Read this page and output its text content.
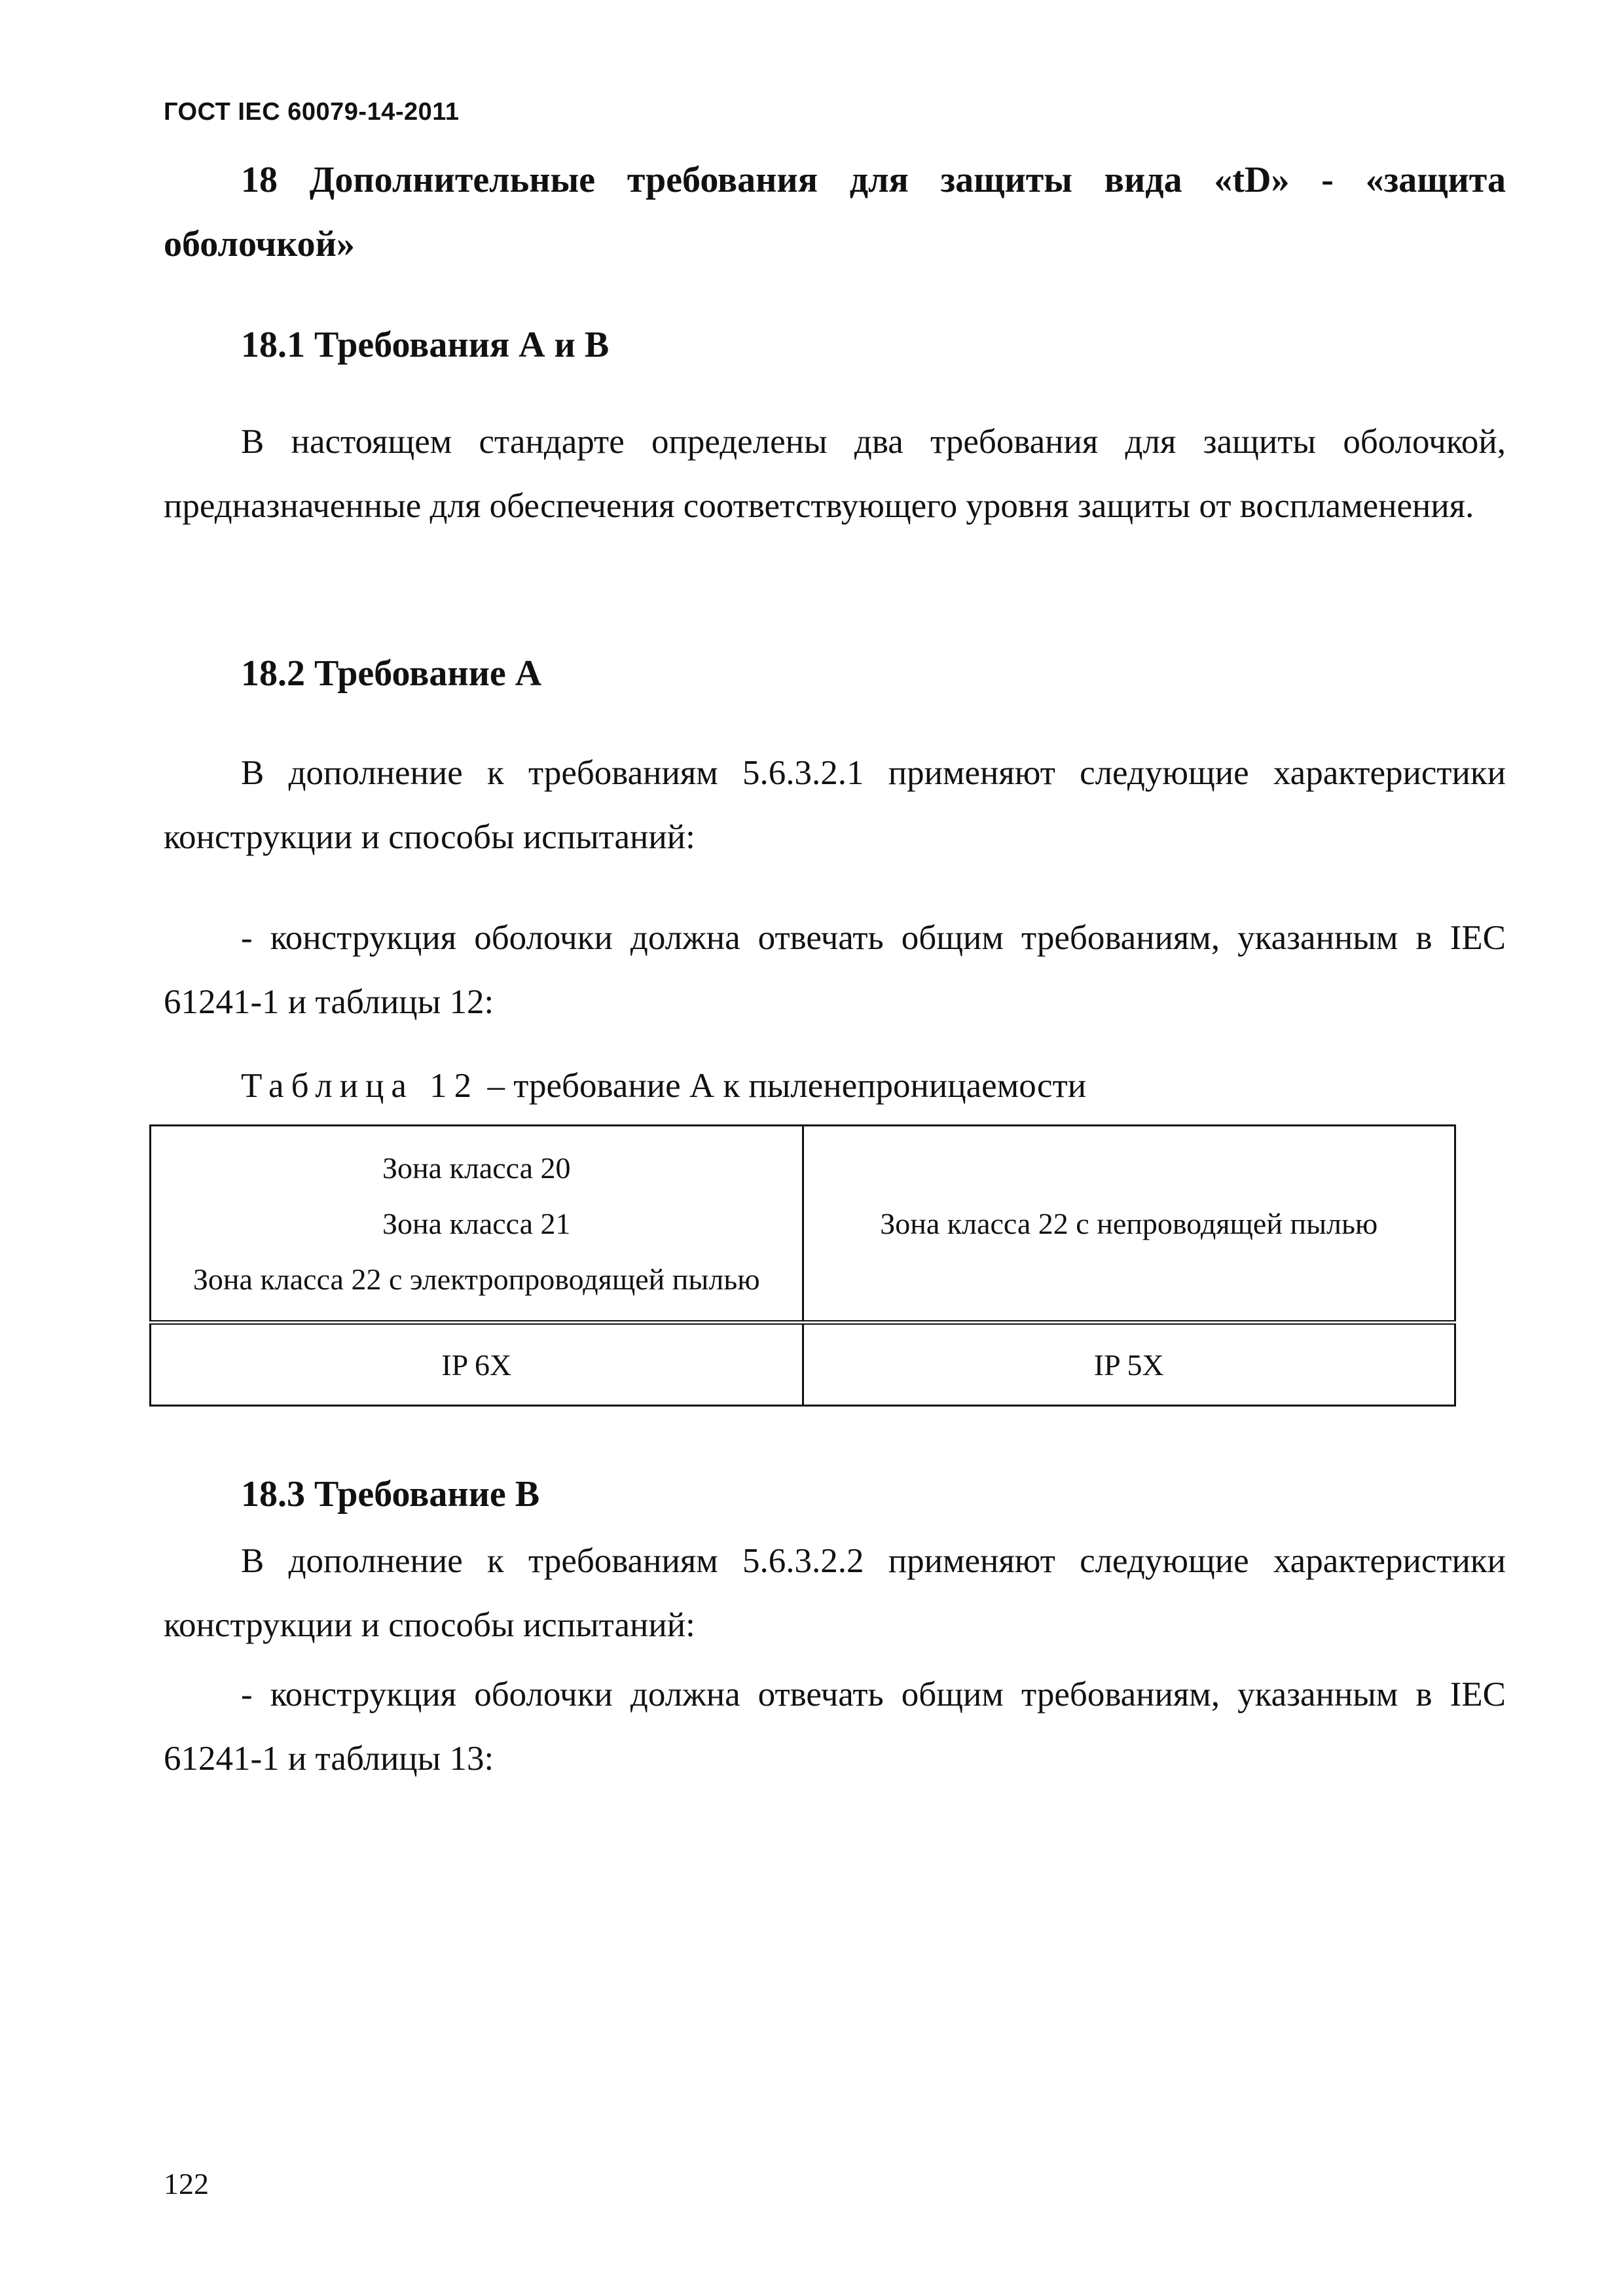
ГОСТ IEC 60079-14-2011

18 Дополнительные требования для защиты вида «tD» - «защита оболочкой»

18.1 Требования А и В

В настоящем стандарте определены два требования для защиты оболочкой, предназначенные для обеспечения соответствующего уровня защиты от воспламенения.

18.2 Требование А

В дополнение к требованиям 5.6.3.2.1 применяют следующие характеристики конструкции и способы испытаний:

- конструкция оболочки должна отвечать общим требованиям, указанным в IEC 61241-1 и таблицы 12:

Таблица 12 – требование А к пыленепроницаемости

Зона класса 20
Зона класса 21
Зона класса 22 с электропроводящей пылью	Зона класса 22 с непроводящей пылью

IP 6X	IP 5X

18.3 Требование В

В дополнение к требованиям 5.6.3.2.2 применяют следующие характеристики конструкции и способы испытаний:

- конструкция оболочки должна отвечать общим требованиям, указанным в IEC 61241-1 и таблицы 13:

122
